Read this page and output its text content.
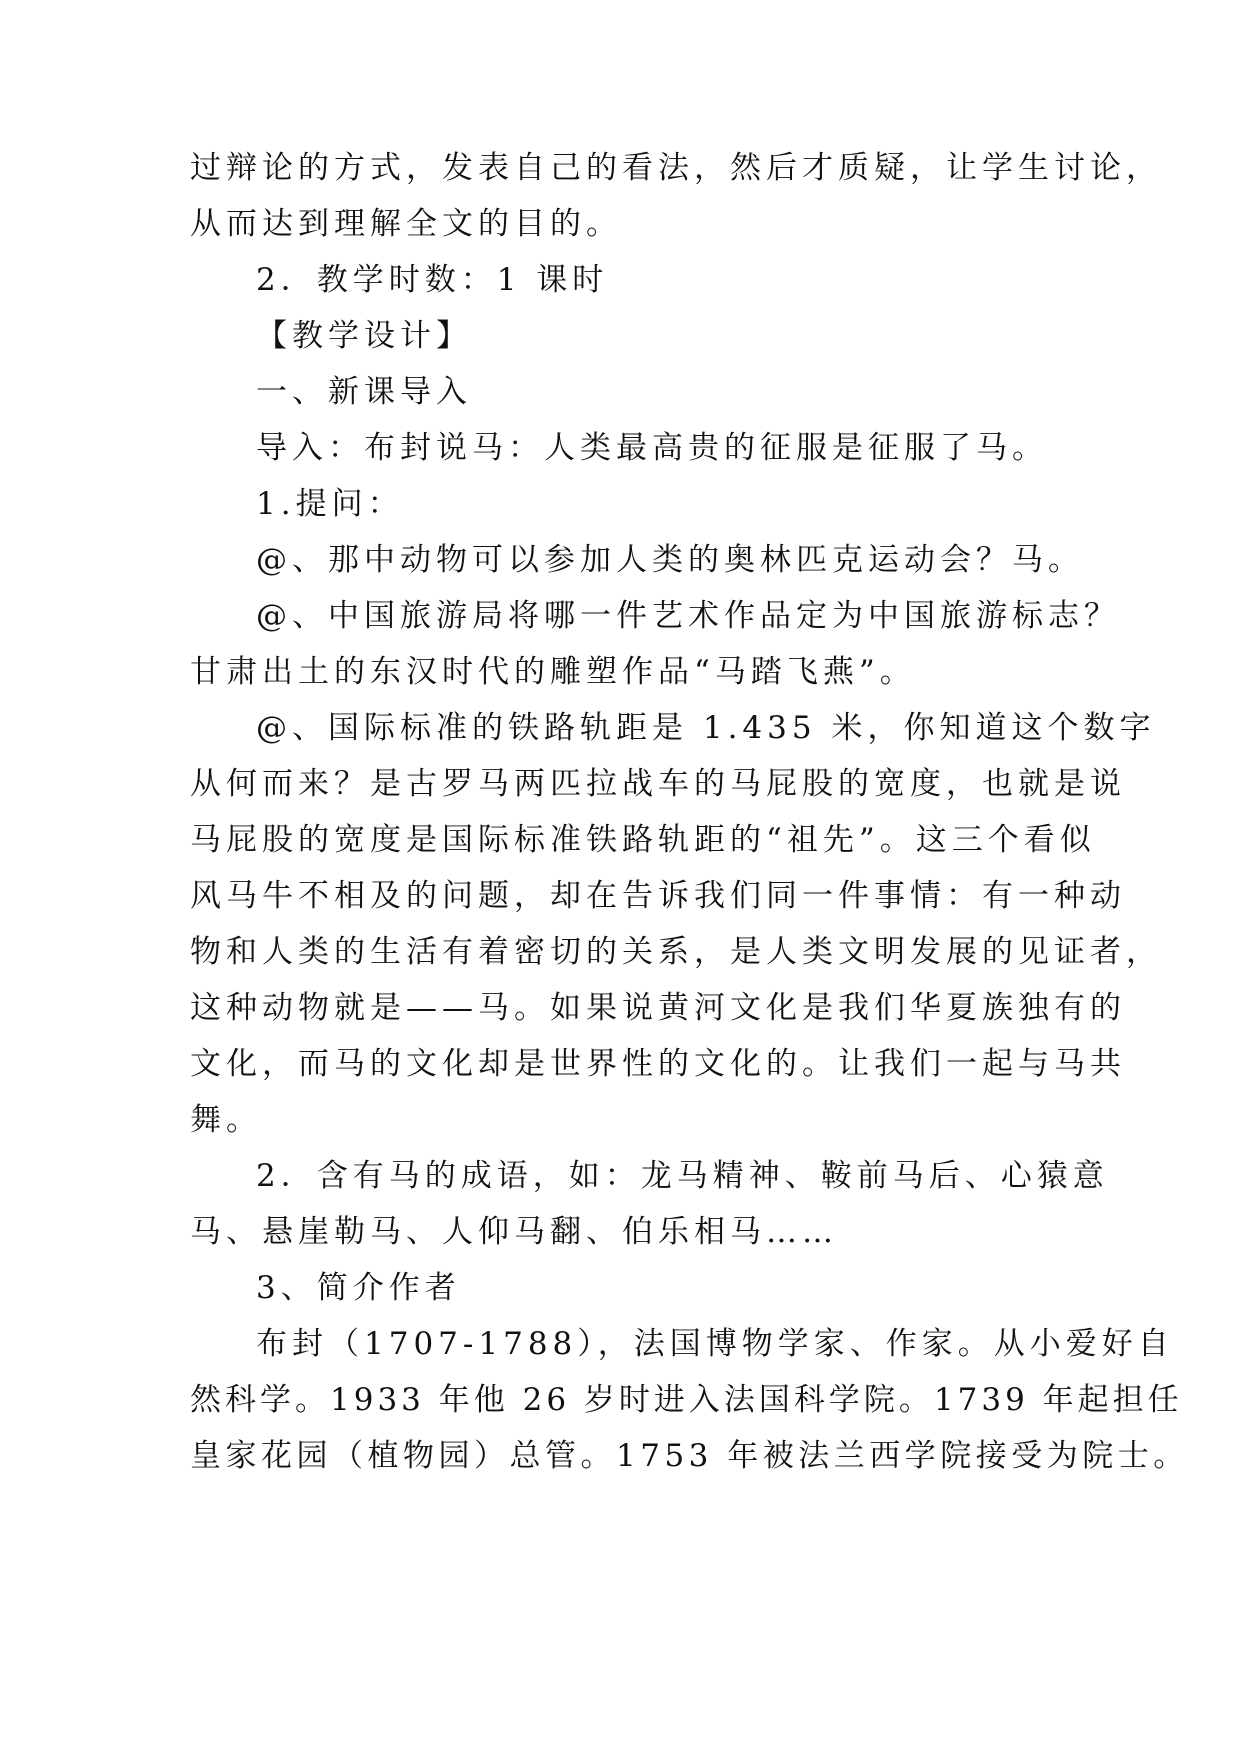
过辩论的方式，发表自己的看法，然后才质疑，让学生讨论，

从而达到理解全文的目的。

2．教学时数：1 课时

【教学设计】

一、新课导入

导入：布封说马：人类最高贵的征服是征服了马。

1.提问：

@、那中动物可以参加人类的奥林匹克运动会？马。

@、中国旅游局将哪一件艺术作品定为中国旅游标志？

甘肃出土的东汉时代的雕塑作品“马踏飞燕”。

@、国际标准的铁路轨距是 1.435 米，你知道这个数字

从何而来？是古罗马两匹拉战车的马屁股的宽度，也就是说

马屁股的宽度是国际标准铁路轨距的“祖先”。这三个看似

风马牛不相及的问题，却在告诉我们同一件事情：有一种动

物和人类的生活有着密切的关系，是人类文明发展的见证者，

这种动物就是——马。如果说黄河文化是我们华夏族独有的

文化，而马的文化却是世界性的文化的。让我们一起与马共

舞。

2．含有马的成语，如：龙马精神、鞍前马后、心猿意

马、悬崖勒马、人仰马翻、伯乐相马……

3、简介作者

布封（1707-1788），法国博物学家、作家。从小爱好自

然科学。1933 年他 26 岁时进入法国科学院。1739 年起担任

皇家花园（植物园）总管。1753 年被法兰西学院接受为院士。
